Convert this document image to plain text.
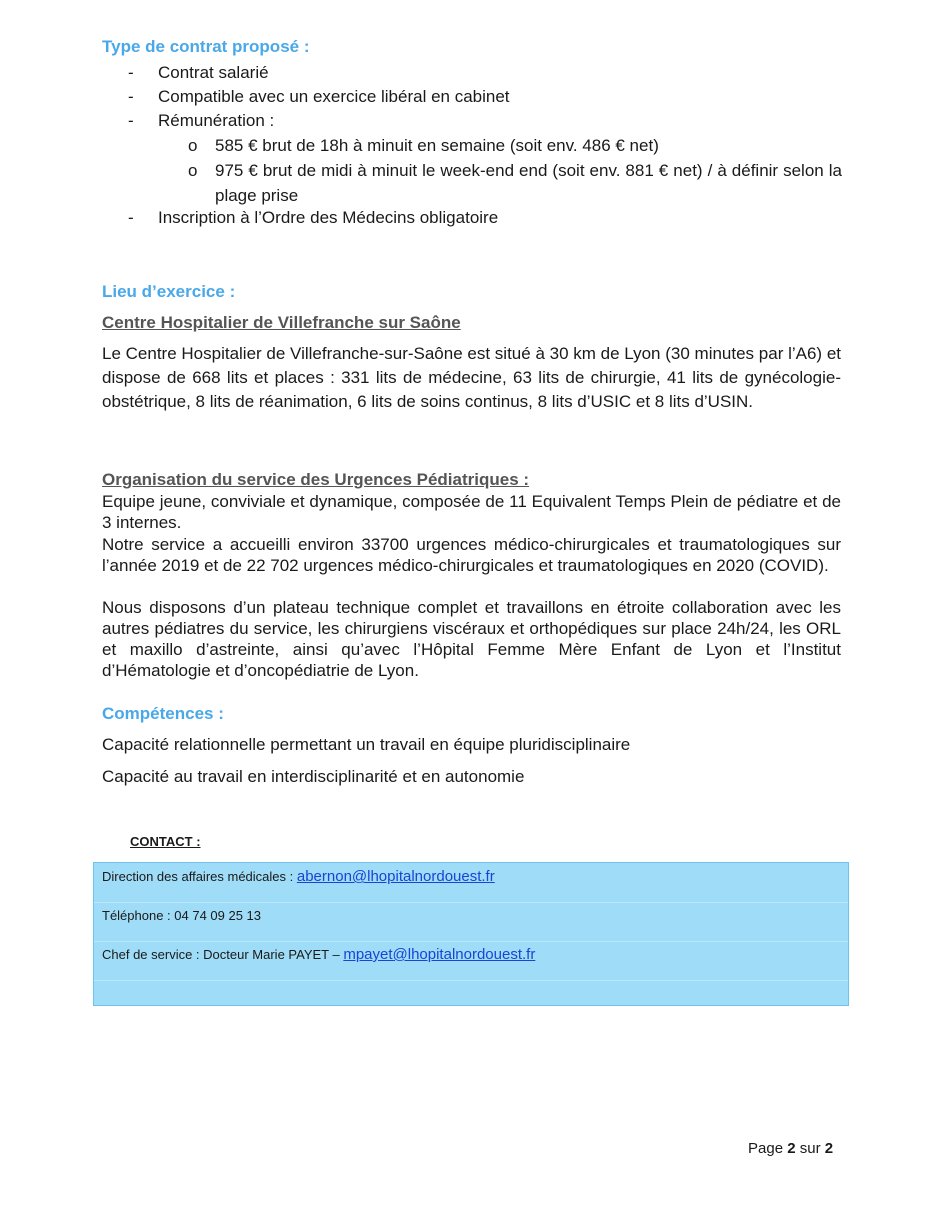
Type de contrat proposé :
- Contrat salarié
- Compatible avec un exercice libéral en cabinet
- Rémunération :
o 585 € brut de 18h à minuit en semaine (soit env. 486 € net)
o 975 € brut de midi à minuit le week-end end (soit env. 881 € net) / à définir selon la plage prise
- Inscription à l’Ordre des Médecins obligatoire
Lieu d’exercice :
Centre Hospitalier de Villefranche sur Saône
Le Centre Hospitalier de Villefranche-sur-Saône est situé à 30 km de Lyon (30 minutes par l’A6) et dispose de 668 lits et places : 331 lits de médecine, 63 lits de chirurgie, 41 lits de gynécologie-obstétrique, 8 lits de réanimation, 6 lits de soins continus, 8 lits d’USIC et 8 lits d’USIN.
Organisation du service des Urgences Pédiatriques :
Equipe jeune, conviviale et dynamique, composée de 11 Equivalent Temps Plein de pédiatre et de 3 internes.
Notre service a accueilli environ 33700 urgences médico-chirurgicales et traumatologiques sur l’année 2019 et de 22 702 urgences médico-chirurgicales et traumatologiques en 2020 (COVID).
Nous disposons d’un plateau technique complet et travaillons en étroite collaboration avec les autres pédiatres du service, les chirurgiens viscéraux et orthopédiques sur place 24h/24, les ORL et maxillo d’astreinte, ainsi qu’avec l’Hôpital Femme Mère Enfant de Lyon et l’Institut d’Hématologie et d’oncopédiatrie de Lyon.
Compétences :
Capacité relationnelle permettant un travail en équipe pluridisciplinaire
Capacité au travail en interdisciplinarité et en autonomie
CONTACT :
Direction des affaires médicales : abernon@lhopitalnordouest.fr
Téléphone : 04 74 09 25 13
Chef de service : Docteur Marie PAYET – mpayet@lhopitalnordouest.fr
Page 2 sur 2
